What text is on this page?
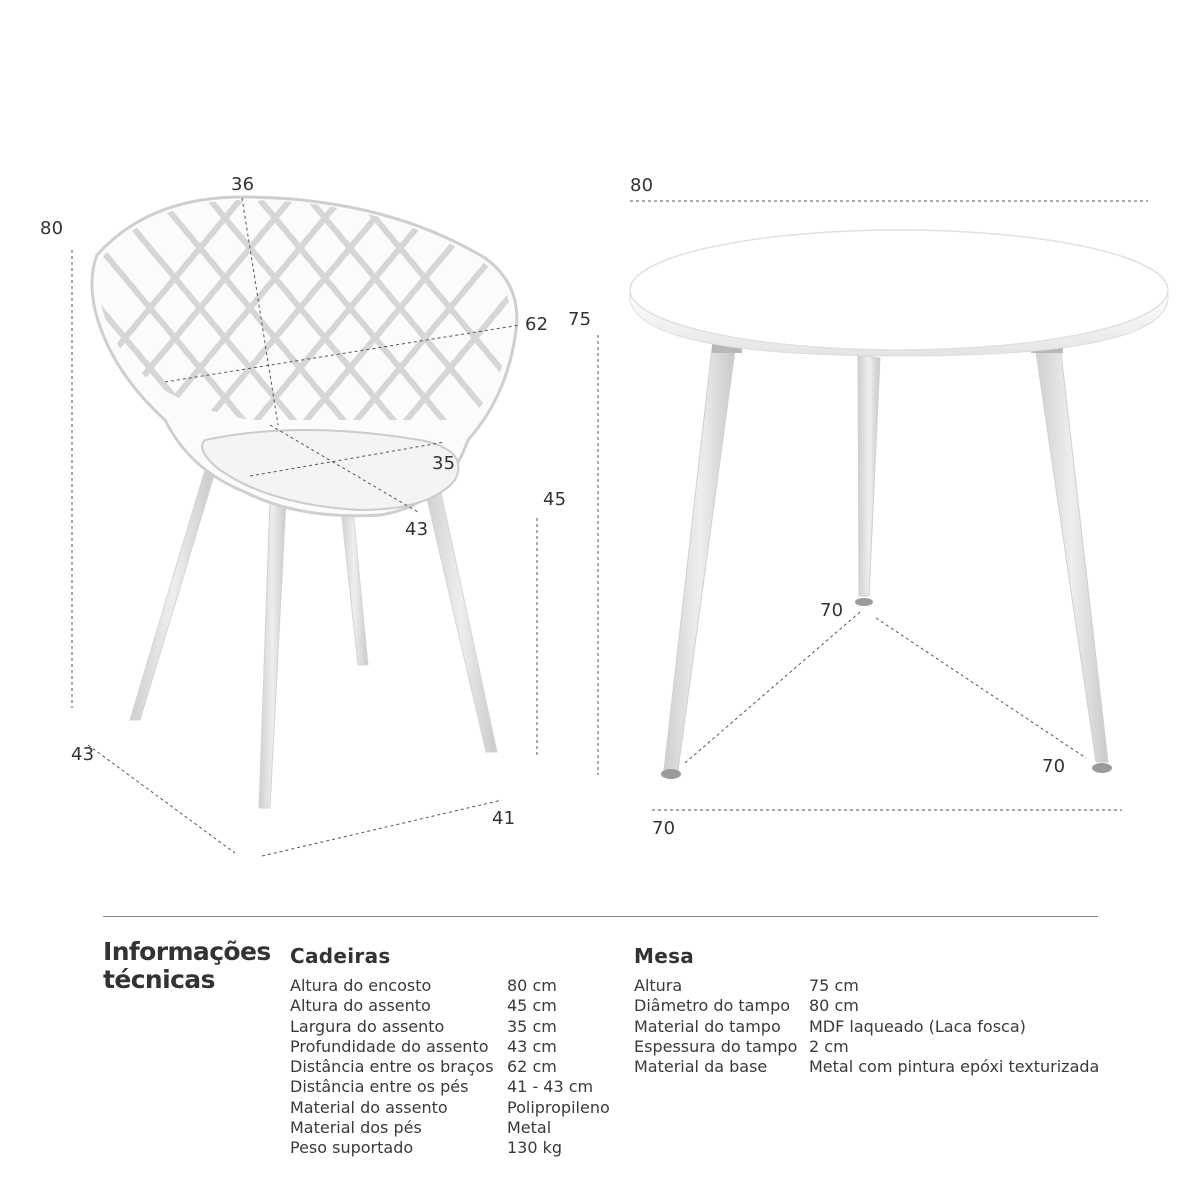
36
80
62
35
43
45
43
41
80
75
70
70
70
Informações
técnicas
Cadeiras
Altura do encosto	80 cm
Altura do assento	45 cm
Largura do assento	35 cm
Profundidade do assento	43 cm
Distância entre os braços 62 cm
Distância entre os pés	41 - 43 cm
Material do assento	Polipropileno
Material dos pés	Metal
Peso suportado	130 kg
Mesa
Altura	75 cm
Diâmetro do tampo	80 cm
Material do tampo	MDF laqueado (Laca fosca)
Espessura do tampo 2 cm
Material da base	Metal com pintura epóxi texturizada
